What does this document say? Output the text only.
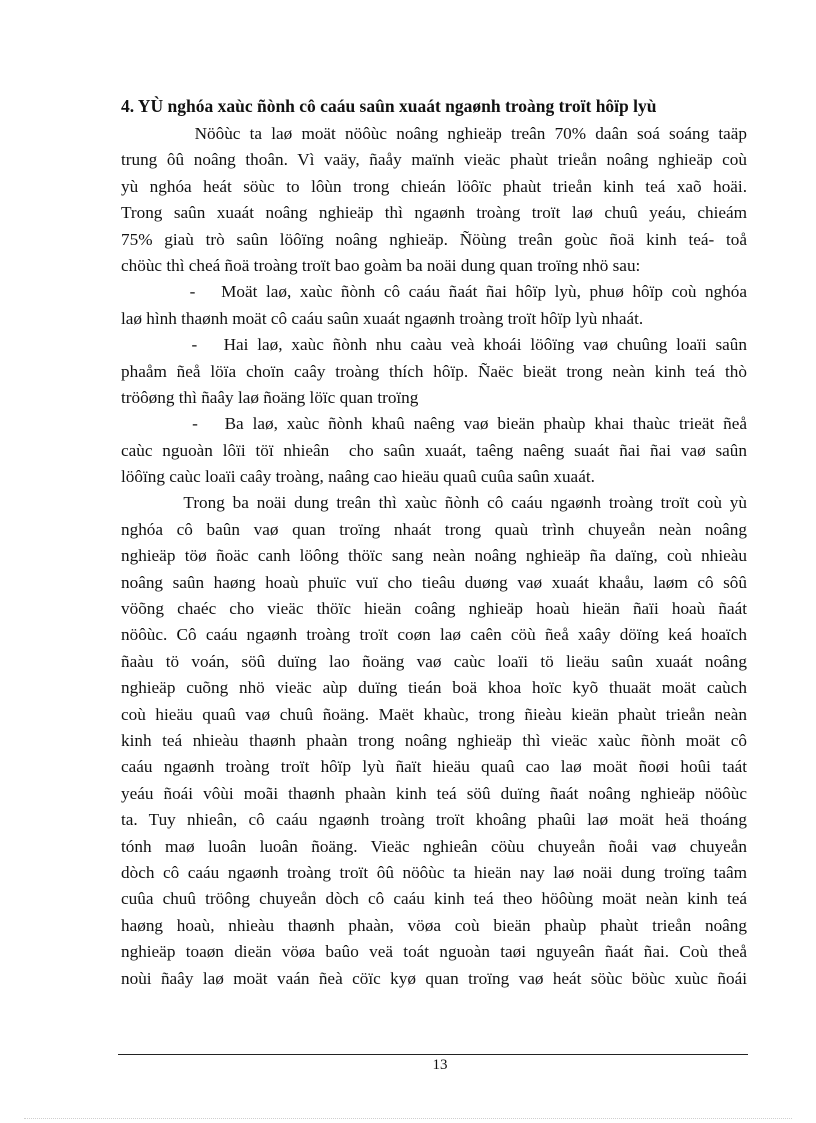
4. YÙ nghóa xaùc ñònh cô caáu saûn xuaát ngaønh troàng troït hôïp lyù
Nöôùc ta laø moät nöôùc noâng nghieäp treân 70% daân soá soáng taäp
trung ôû noâng thoân. Vì vaäy, ñaåy maïnh vieäc phaùt trieån noâng nghieäp coù
yù nghóa heát söùc to lôùn trong chieán löôïc phaùt trieån kinh teá xaõ hoäi.
Trong saûn xuaát noâng nghieäp thì ngaønh troàng troït laø chuû yeáu, chieám
75% giaù trò saûn löôïng noâng nghieäp. Ñöùng treân goùc ñoä kinh teá- toå
chöùc thì cheá ñoä troàng troït bao goàm ba noäi dung quan troïng nhö sau:
-   Moät laø, xaùc ñònh cô caáu ñaát ñai hôïp lyù, phuø hôïp coù nghóa
laø hình thaønh moät cô caáu saûn xuaát ngaønh troàng troït hôïp lyù nhaát.
-   Hai laø, xaùc ñònh nhu caàu veà khoái löôïng vaø chuûng loaïi saûn
phaåm ñeå löïa choïn caây troàng thích hôïp. Ñaëc bieät trong neàn kinh teá thò
tröôøng thì ñaây laø ñoäng löïc quan troïng
-   Ba laø, xaùc ñònh khaû naêng vaø bieän phaùp khai thaùc trieät ñeå
caùc nguoàn lôïi töï nhieân  cho saûn xuaát, taêng naêng suaát ñai ñai vaø saûn
löôïng caùc loaïi caây troàng, naâng cao hieäu quaû cuûa saûn xuaát.
Trong ba noäi dung treân thì xaùc ñònh cô caáu ngaønh troàng troït coù yù
nghóa cô baûn vaø quan troïng nhaát trong quaù trình chuyeån neàn noâng
nghieäp töø ñoäc canh löông thöïc sang neàn noâng nghieäp ña daïng, coù nhieàu
noâng saûn haøng hoaù phuïc vuï cho tieâu duøng vaø xuaát khaåu, laøm cô sôû
vöõng chaéc cho vieäc thöïc hieän coâng nghieäp hoaù hieän ñaïi hoaù ñaát
nöôùc. Cô caáu ngaønh troàng troït coøn laø caên cöù ñeå xaây döïng keá hoaïch
ñaàu tö voán, söû duïng lao ñoäng vaø caùc loaïi tö lieäu saûn xuaát noâng
nghieäp cuõng nhö vieäc aùp duïng tieán boä khoa hoïc kyõ thuaät moät caùch
coù hieäu quaû vaø chuû ñoäng. Maët khaùc, trong ñieàu kieän phaùt trieån neàn
kinh teá nhieàu thaønh phaàn trong noâng nghieäp thì vieäc xaùc ñònh moät cô
caáu ngaønh troàng troït hôïp lyù ñaït hieäu quaû cao laø moät ñoøi hoûi taát
yeáu ñoái vôùi moãi thaønh phaàn kinh teá söû duïng ñaát noâng nghieäp nöôùc
ta. Tuy nhieân, cô caáu ngaønh troàng troït khoâng phaûi laø moät heä thoáng
tónh maø luoân luoân ñoäng. Vieäc nghieân cöùu chuyeån ñoåi vaø chuyeån
dòch cô caáu ngaønh troàng troït ôû nöôùc ta hieän nay laø noäi dung troïng taâm
cuûa chuû tröông chuyeån dòch cô caáu kinh teá theo höôùng moät neàn kinh teá
haøng hoaù, nhieàu thaønh phaàn, vöøa coù bieän phaùp phaùt trieån noâng
nghieäp toaøn dieän vöøa baûo veä toát nguoàn taøi nguyeân ñaát ñai. Coù theå
noùi ñaây laø moät vaán ñeà cöïc kyø quan troïng vaø heát söùc böùc xuùc ñoái
13
